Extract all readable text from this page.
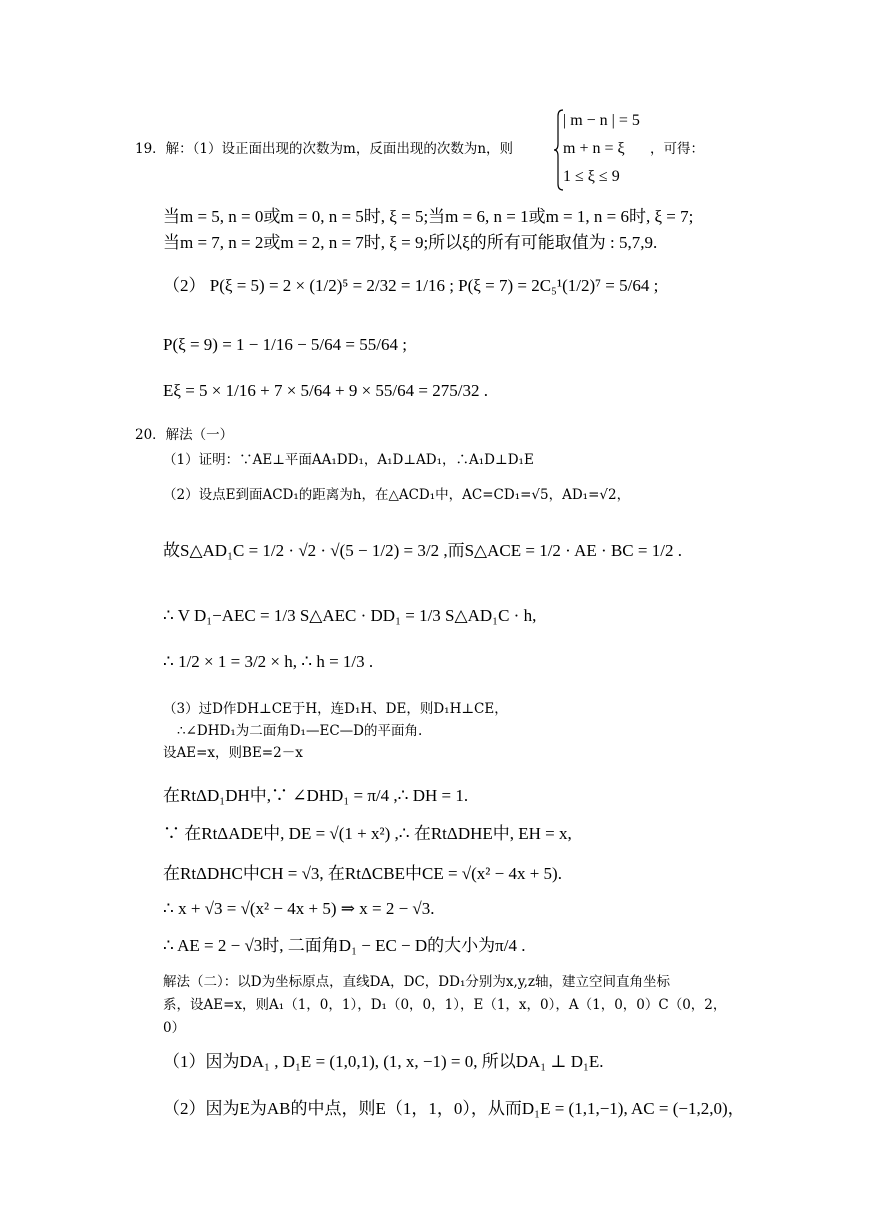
19．解：（1）设正面出现的次数为m，反面出现的次数为n，则
| m − n | = 5
m + n = ξ
1 ≤ ξ ≤ 9
，可得：
当m = 5, n = 0或m = 0, n = 5时, ξ = 5;当m = 6, n = 1或m = 1, n = 6时, ξ = 7;
当m = 7, n = 2或m = 2, n = 7时, ξ = 9;所以ξ的所有可能取值为 : 5,7,9.
（2） P(ξ = 5) = 2 × (1/2)⁵ = 2/32 = 1/16 ; P(ξ = 7) = 2C₅¹(1/2)⁷ = 5/64 ;
P(ξ = 9) = 1 − 1/16 − 5/64 = 55/64 ;
Eξ = 5 × 1/16 + 7 × 5/64 + 9 × 55/64 = 275/32 .
20．解法（一）
（1）证明：∵AE⊥平面AA₁DD₁，A₁D⊥AD₁，∴A₁D⊥D₁E
（2）设点E到面ACD₁的距离为h，在△ACD₁中，AC=CD₁=√5，AD₁=√2，
故S△AD₁C = 1/2 · √2 · √(5 − 1/2) = 3/2 ,而S△ACE = 1/2 · AE · BC = 1/2 .
∴ V D₁−AEC = 1/3 S△AEC · DD₁ = 1/3 S△AD₁C · h,
∴ 1/2 × 1 = 3/2 × h, ∴ h = 1/3 .
（3）过D作DH⊥CE于H，连D₁H、DE，则D₁H⊥CE，
∴∠DHD₁为二面角D₁—EC—D的平面角.
设AE=x，则BE=2－x
在RtΔD₁DH中,∵ ∠DHD₁ = π/4 ,∴ DH = 1.
∵ 在RtΔADE中, DE = √(1 + x²) ,∴ 在RtΔDHE中, EH = x,
在RtΔDHC中CH = √3, 在RtΔCBE中CE = √(x² − 4x + 5).
∴ x + √3 = √(x² − 4x + 5) ⇒ x = 2 − √3.
∴ AE = 2 − √3时, 二面角D₁ − EC − D的大小为π/4 .
解法（二）：以D为坐标原点，直线DA，DC，DD₁分别为x,y,z轴，建立空间直角坐标
系，设AE=x，则A₁（1，0，1），D₁（0，0，1），E（1，x，0），A（1，0，0）C（0，2，
0）
（1）因为DA₁ , D₁E = (1,0,1), (1, x, −1) = 0, 所以DA₁ ⊥ D₁E.
（2）因为E为AB的中点，则E（1，1，0），从而D₁E = (1,1,−1), AC = (−1,2,0)，
